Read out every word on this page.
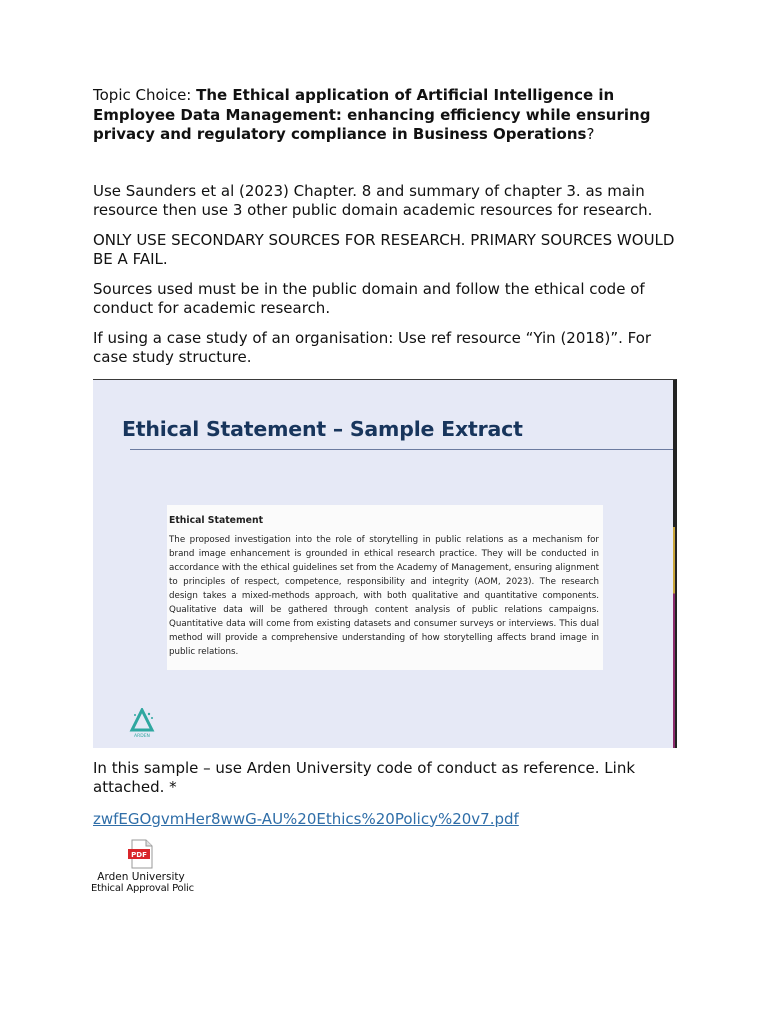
Topic Choice: The Ethical application of Artificial Intelligence in Employee Data Management: enhancing efficiency while ensuring privacy and regulatory compliance in Business Operations?

Use Saunders et al (2023) Chapter. 8 and summary of chapter 3. as main resource then use 3 other public domain academic resources for research.

ONLY USE SECONDARY SOURCES FOR RESEARCH. PRIMARY SOURCES WOULD BE A FAIL.

Sources used must be in the public domain and follow the ethical code of conduct for academic research.

If using a case study of an organisation: Use ref resource “Yin (2018)”. For case study structure.

Ethical Statement – Sample Extract
Ethical Statement
The proposed investigation into the role of storytelling in public relations as a mechanism for brand image enhancement is grounded in ethical research practice. They will be conducted in accordance with the ethical guidelines set from the Academy of Management, ensuring alignment to principles of respect, competence, responsibility and integrity (AOM, 2023). The research design takes a mixed-methods approach, with both qualitative and quantitative components. Qualitative data will be gathered through content analysis of public relations campaigns. Quantitative data will come from existing datasets and consumer surveys or interviews. This dual method will provide a comprehensive understanding of how storytelling affects brand image in public relations.
ARDEN

In this sample – use Arden University code of conduct as reference. Link attached. *

zwfEGOgvmHer8wwG-AU%20Ethics%20Policy%20v7.pdf
PDF
Arden University
Ethical Approval Polic
